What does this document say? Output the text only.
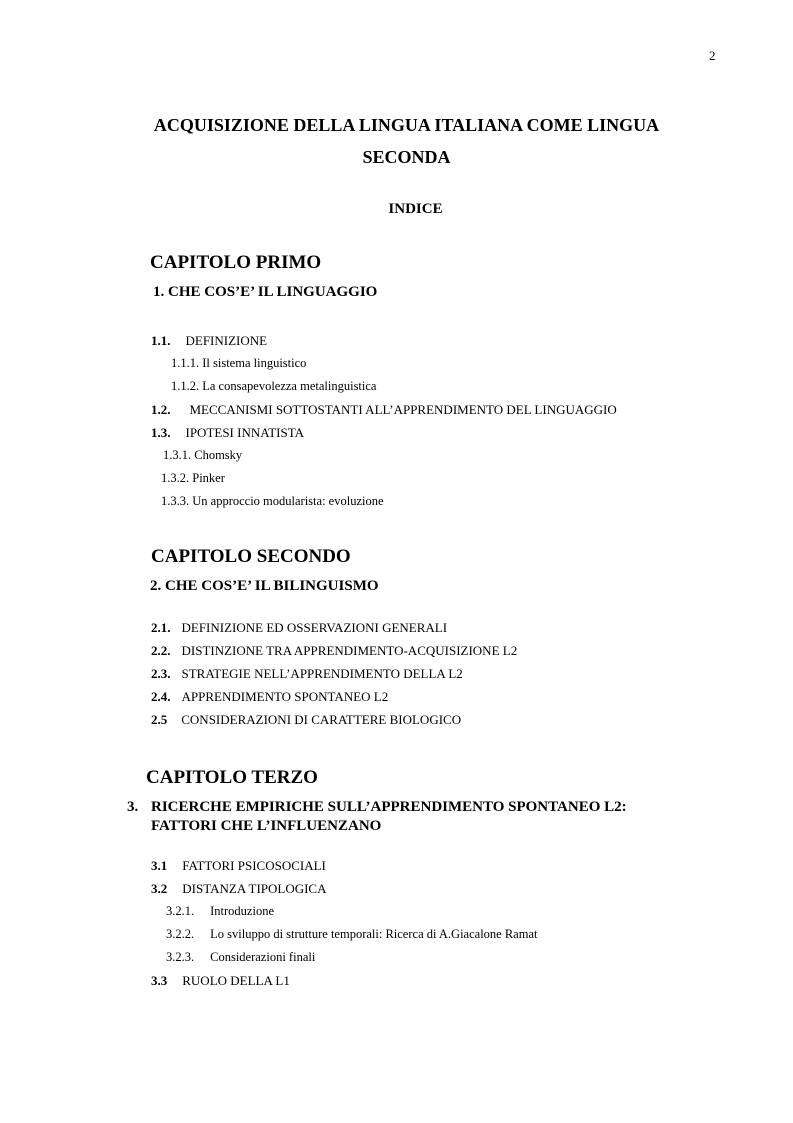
2
ACQUISIZIONE DELLA LINGUA ITALIANA COME LINGUA
SECONDA
INDICE
CAPITOLO PRIMO
1. CHE COS’E’ IL LINGUAGGIO
1.1. DEFINIZIONE
1.1.1. Il sistema linguistico
1.1.2. La consapevolezza metalinguistica
1.2. MECCANISMI SOTTOSTANTI ALL’APPRENDIMENTO DEL LINGUAGGIO
1.3. IPOTESI INNATISTA
1.3.1. Chomsky
1.3.2. Pinker
1.3.3. Un approccio modularista: evoluzione
CAPITOLO SECONDO
2. CHE COS’E’ IL BILINGUISMO
2.1. DEFINIZIONE ED OSSERVAZIONI GENERALI
2.2. DISTINZIONE TRA APPRENDIMENTO-ACQUISIZIONE L2
2.3. STRATEGIE NELL’APPRENDIMENTO DELLA L2
2.4. APPRENDIMENTO SPONTANEO L2
2.5 CONSIDERAZIONI DI CARATTERE BIOLOGICO
CAPITOLO TERZO
3. RICERCHE EMPIRICHE SULL’APPRENDIMENTO SPONTANEO L2:
FATTORI CHE L’INFLUENZANO
3.1 FATTORI PSICOSOCIALI
3.2 DISTANZA TIPOLOGICA
3.2.1. Introduzione
3.2.2. Lo sviluppo di strutture temporali: Ricerca di A.Giacalone Ramat
3.2.3. Considerazioni finali
3.3 RUOLO DELLA L1
